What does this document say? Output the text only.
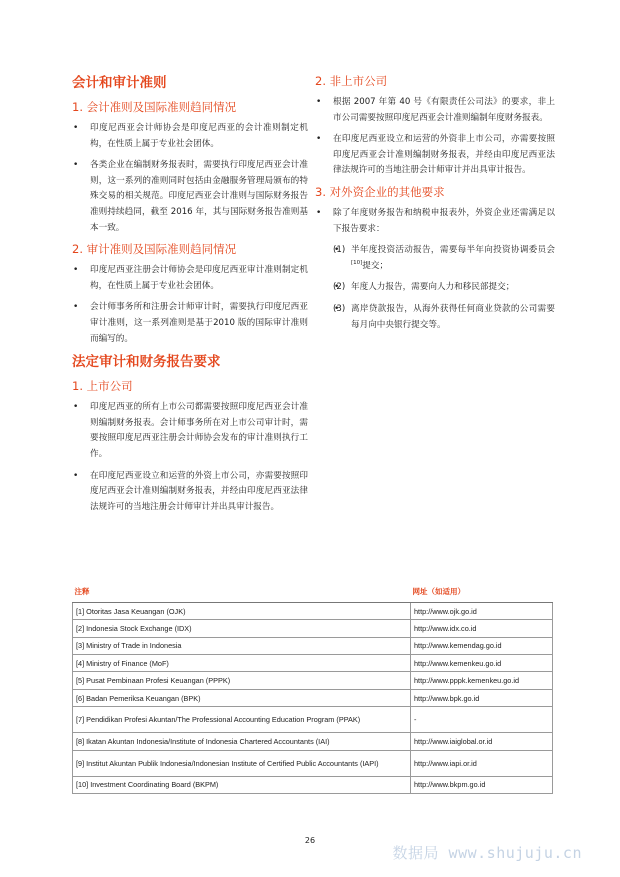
会计和审计准则
1. 会计准则及国际准则趋同情况
• 印度尼西亚会计师协会是印度尼西亚的会计准则制定机构，在性质上属于专业社会团体。
• 各类企业在编制财务报表时，需要执行印度尼西亚会计准则，这一系列的准则同时包括由金融服务管理局颁布的特殊交易的相关规范。印度尼西亚会计准则与国际财务报告准则持续趋同，截至 2016 年，其与国际财务报告准则基本一致。
2. 审计准则及国际准则趋同情况
• 印度尼西亚注册会计师协会是印度尼西亚审计准则制定机构，在性质上属于专业社会团体。
• 会计师事务所和注册会计师审计时，需要执行印度尼西亚审计准则，这一系列准则是基于2010 版的国际审计准则而编写的。
法定审计和财务报告要求
1. 上市公司
• 印度尼西亚的所有上市公司都需要按照印度尼西亚会计准则编制财务报表。会计师事务所在对上市公司审计时，需要按照印度尼西亚注册会计师协会发布的审计准则执行工作。
• 在印度尼西亚设立和运营的外资上市公司，亦需要按照印度尼西亚会计准则编制财务报表，并经由印度尼西亚法律法规许可的当地注册会计师审计并出具审计报告。
2. 非上市公司
• 根据 2007 年第 40 号《有限责任公司法》的要求，非上市公司需要按照印度尼西亚会计准则编制年度财务报表。
• 在印度尼西亚设立和运营的外资非上市公司，亦需要按照印度尼西亚会计准则编制财务报表，并经由印度尼西亚法律法规许可的当地注册会计师审计并出具审计报告。
3. 对外资企业的其他要求
• 除了年度财务报告和纳税申报表外，外资企业还需满足以下报告要求：
• (1) 半年度投资活动报告，需要每半年向投资协调委员会[10]提交；
• (2) 年度人力报告，需要向人力和移民部提交；
• (3) 离岸贷款报告，从海外获得任何商业贷款的公司需要每月向中央银行提交等。
注释	网址（如适用）
[1] Otoritas Jasa Keuangan (OJK)	http://www.ojk.go.id
[2] Indonesia Stock Exchange (IDX)	http://www.idx.co.id
[3] Ministry of Trade in Indonesia	http://www.kemendag.go.id
[4] Ministry of Finance (MoF)	http://www.kemenkeu.go.id
[5] Pusat Pembinaan Profesi Keuangan (PPPK)	http://www.pppk.kemenkeu.go.id
[6] Badan Pemeriksa Keuangan (BPK)	http://www.bpk.go.id
[7] Pendidikan Profesi Akuntan/The Professional Accounting Education Program (PPAK)	-
[8] Ikatan Akuntan Indonesia/Institute of Indonesia Chartered Accountants (IAI)	http://www.iaiglobal.or.id
[9] Institut Akuntan Publik Indonesia/Indonesian Institute of Certified Public Accountants (IAPI)	http://www.iapi.or.id
[10] Investment Coordinating Board (BKPM)	http://www.bkpm.go.id
26
数据局 www.shujuju.cn
